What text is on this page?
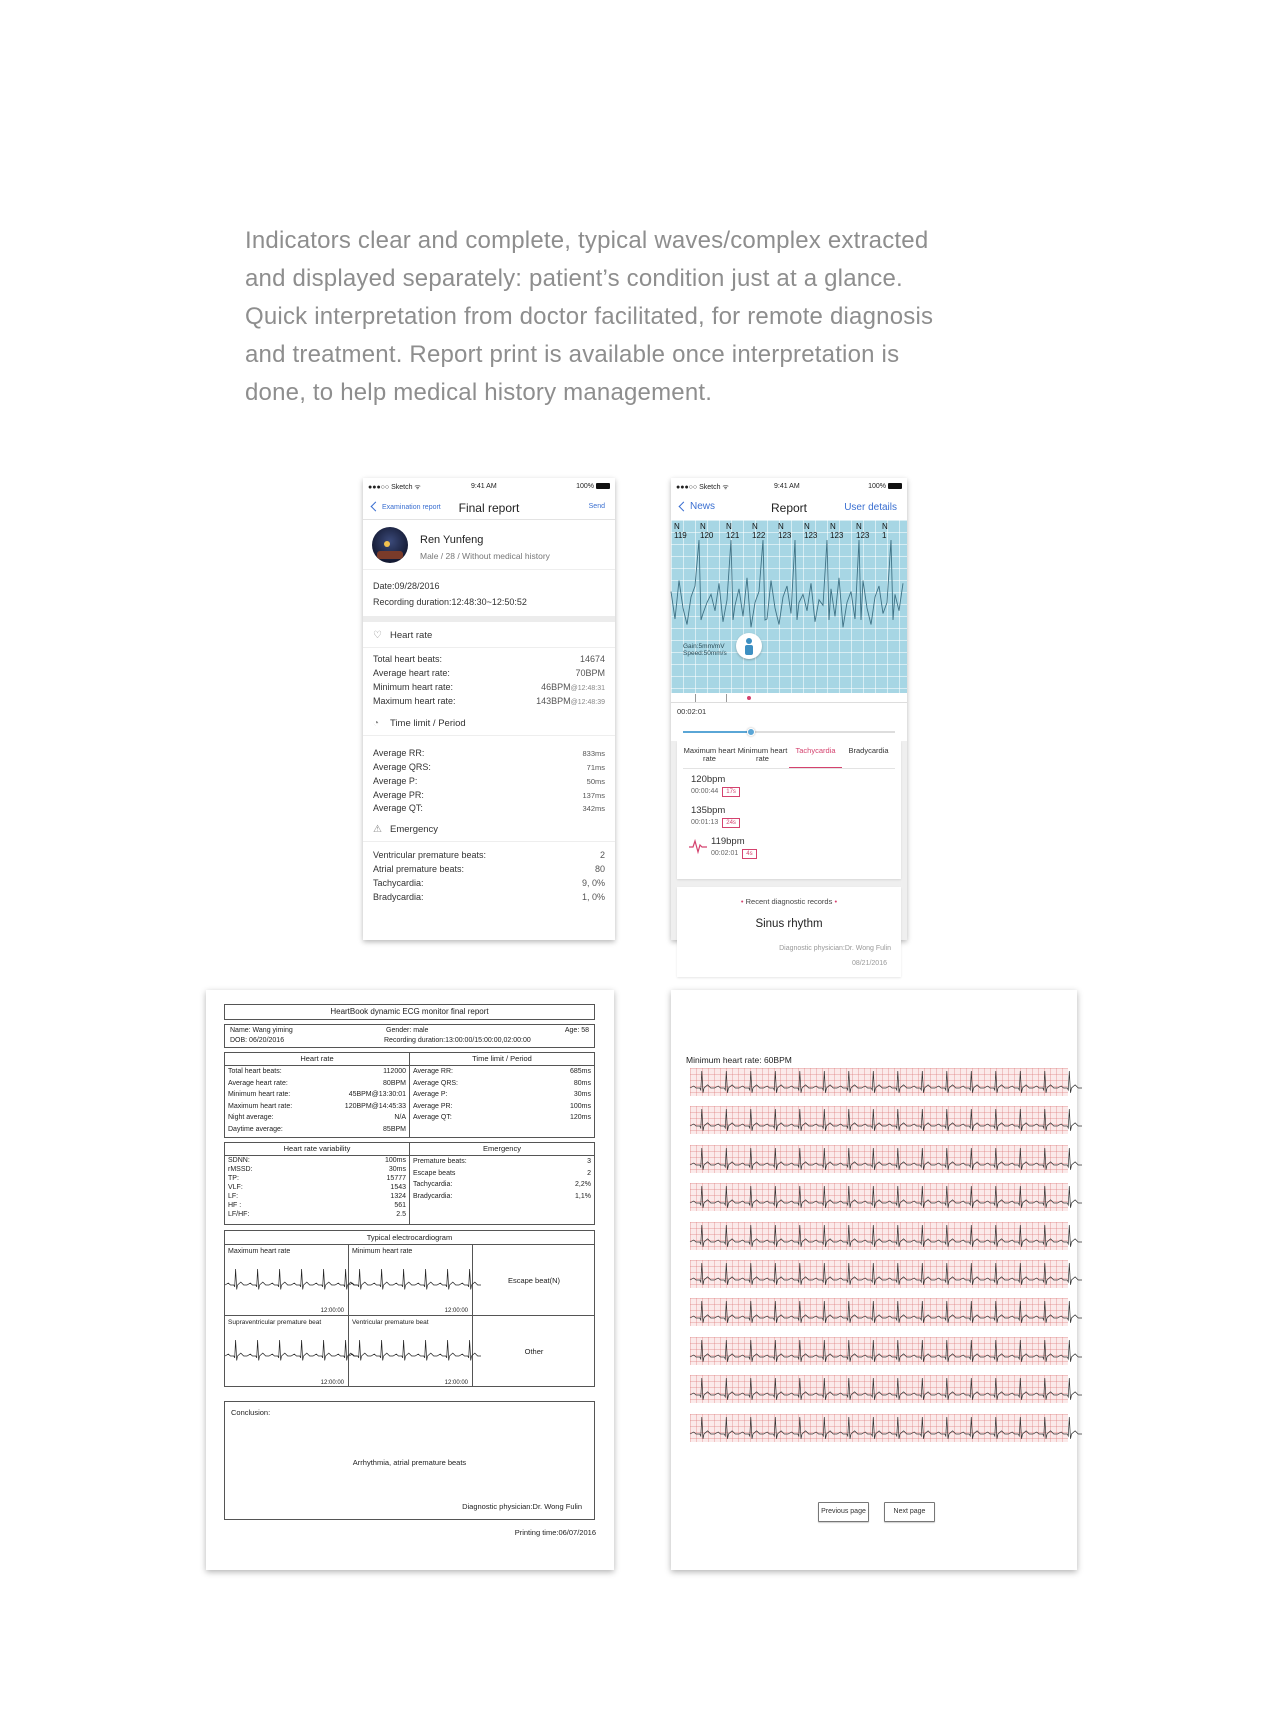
Indicators clear and complete, typical waves/complex extracted

and displayed separately: patient’s condition just at a glance.

Quick interpretation from doctor facilitated, for remote diagnosis

and treatment. Report print is available once interpretation is

done, to help medical history management.

●●●○○ Sketch ᯤ	9:41 AM	100%
Examination report	Final report	Send
Ren Yunfeng
Male / 28 / Without medical history
Date:09/28/2016
Recording duration:12:48:30~12:50:52
♡ Heart rate
Total heart beats:	14674
Average heart rate:	70BPM
Minimum heart rate:	46BPM@12:48:31
Maximum heart rate:	143BPM@12:48:39
◔	Time limit / Period
Average RR:	833ms
Average QRS:	71ms
Average P:	50ms
Average PR:	137ms
Average QT:	342ms
⚠ Emergency
Ventricular premature beats:	2
Atrial premature beats:	80
Tachycardia:	9, 0%
Bradycardia:	1, 0%
●●●○○ Sketch ᯤ	9:41 AM	100%
News	Report	User details
N
119
N
120
N
121
N
122
N
123
N
123
N
123
N
123
N
1
Gain:5mm/mV
Speed:50mm/s
00:02:01
Maximum heart rate
Minimum heart rate
Tachycardia	Bradycardia
120bpm
00:00:44 17s
135bpm
00:01:13 24s
119bpm
00:02:01 4s
• Recent diagnostic records •
Sinus rhythm
Diagnostic physician:Dr. Wong Fulin
08/21/2016
HeartBook dynamic ECG monitor final report
Name: Wang yiming	Gender: male	Age: 58
DOB: 06/20/2016	Recording duration:13:00:00/15:00:00,02:00:00
Heart rate
Total heart beats:	112000
Average heart rate:	80BPM
Minimum heart rate:	45BPM@13:30:01
Maximum heart rate:	120BPM@14:45:33
Night average:	N/A
Daytime average:	85BPM
Time limit / Period
Average RR:	685ms
Average QRS:	80ms
Average P:	30ms
Average PR:	100ms
Average QT:	120ms
Heart rate variability
SDNN:	100ms
rMSSD:	30ms
TP:	15777
VLF:	1543
LF:	1324
HF :	561
LF/HF:	2.5
Emergency
Premature beats:	3
Escape beats	2
Tachycardia:	2,2%
Bradycardia:	1,1%
Typical electrocardiogram
Maximum heart rate
12:00:00
Minimum heart rate
12:00:00
Escape beat(N)
Supraventricular premature beat
12:00:00
Ventricular premature beat
12:00:00
Other
Conclusion:
Arrhythmia, atrial premature beats
Diagnostic physician:Dr. Wong Fulin
Printing time:06/07/2016
Minimum heart rate: 60BPM
Previous page	Next page
